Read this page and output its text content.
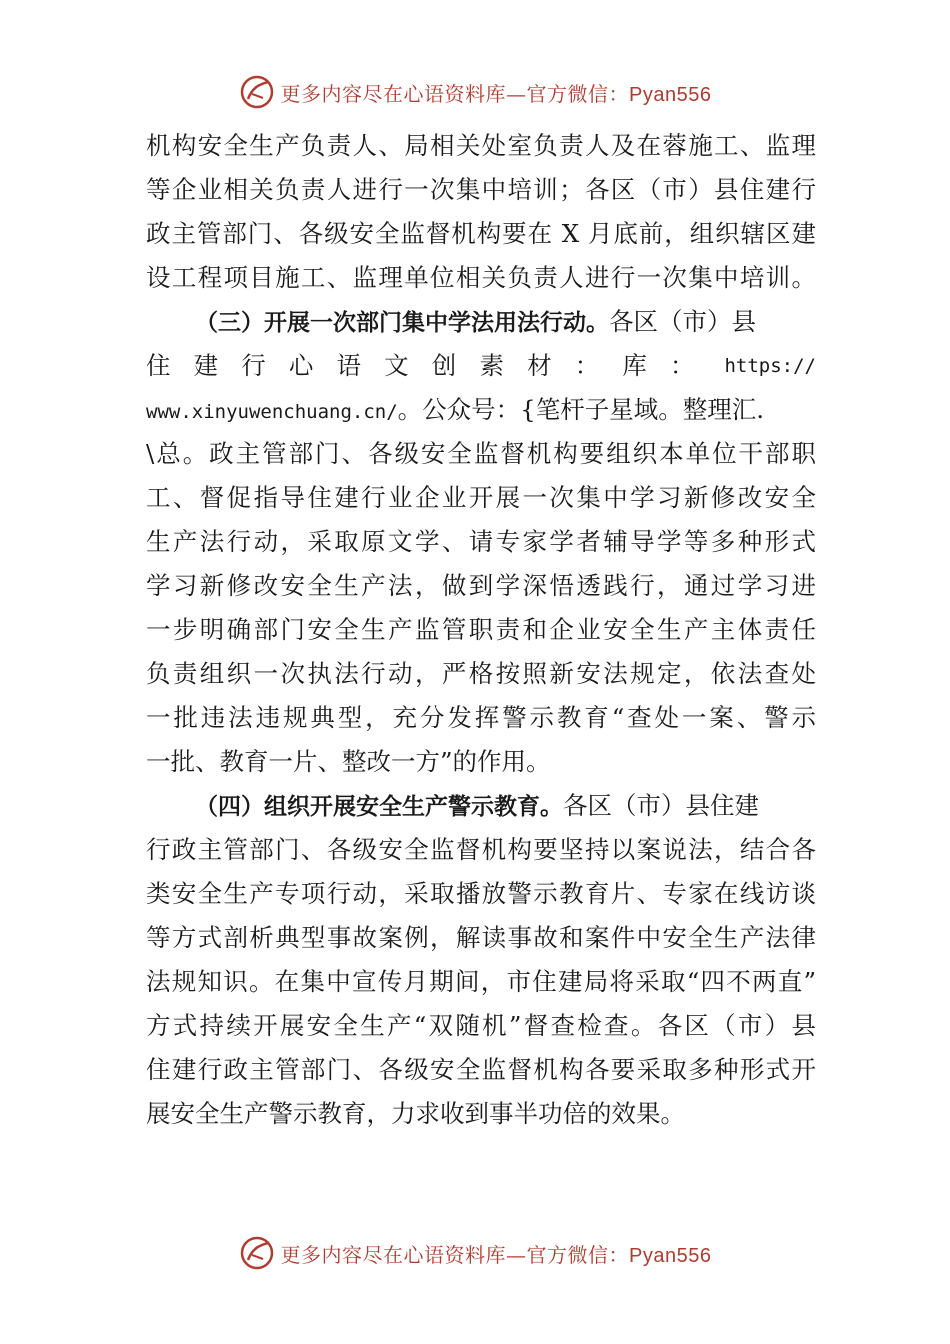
更多内容尽在心语资料库—官方微信：Pyan556
机构安全生产负责人、局相关处室负责人及在蓉施工、监理
等企业相关负责人进行一次集中培训；各区（市）县住建行
政主管部门、各级安全监督机构要在 X 月底前，组织辖区建
设工程项目施工、监理单位相关负责人进行一次集中培训。
（三）开展一次部门集中学法用法行动。各区（市）县
住建行心语文创素材：库： https://
www.xinyuwenchuang.cn/。公众号：{笔杆子星域。整理汇.
\总。政主管部门、各级安全监督机构要组织本单位干部职
工、督促指导住建行业企业开展一次集中学习新修改安全
生产法行动，采取原文学、请专家学者辅导学等多种形式
学习新修改安全生产法，做到学深悟透践行，通过学习进
一步明确部门安全生产监管职责和企业安全生产主体责任
负责组织一次执法行动，严格按照新安法规定，依法查处
一批违法违规典型，充分发挥警示教育“查处一案、警示
一批、教育一片、整改一方”的作用。
（四）组织开展安全生产警示教育。各区（市）县住建
行政主管部门、各级安全监督机构要坚持以案说法，结合各
类安全生产专项行动，采取播放警示教育片、专家在线访谈
等方式剖析典型事故案例，解读事故和案件中安全生产法律
法规知识。在集中宣传月期间，市住建局将采取“四不两直”
方式持续开展安全生产“双随机”督查检查。各区（市）县
住建行政主管部门、各级安全监督机构各要采取多种形式开
展安全生产警示教育，力求收到事半功倍的效果。
更多内容尽在心语资料库—官方微信：Pyan556
